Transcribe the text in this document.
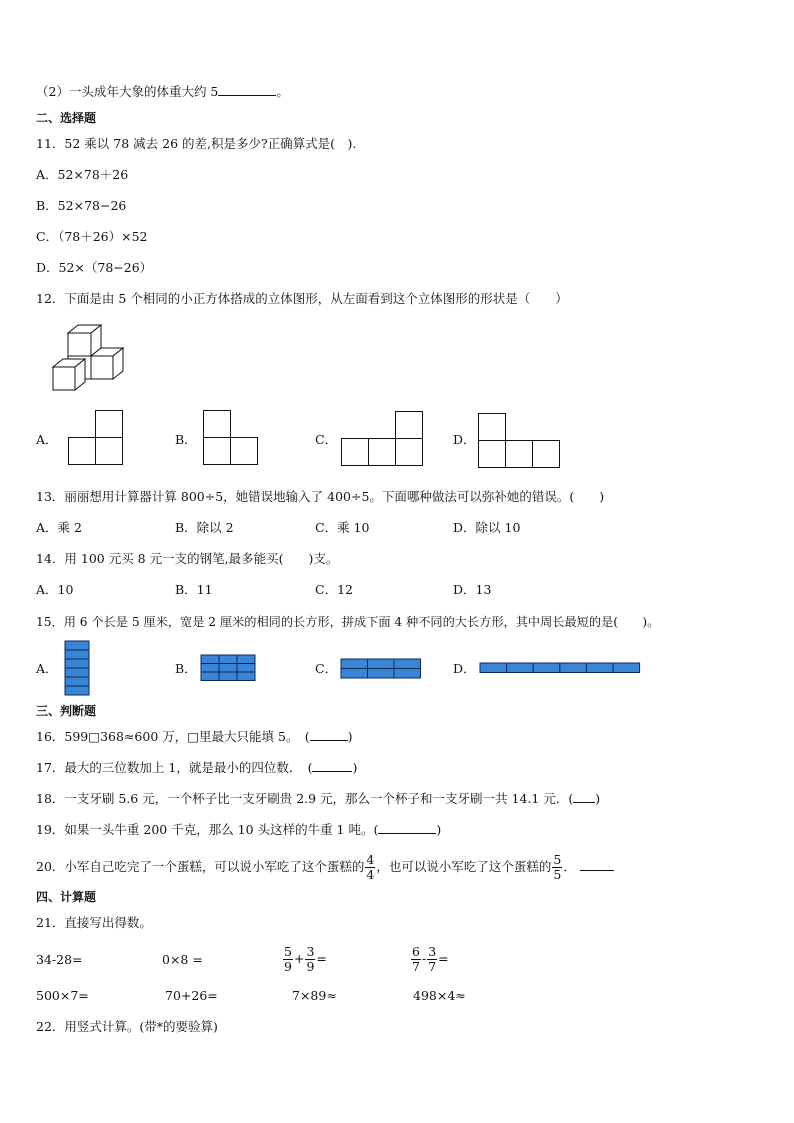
（2）一头成年大象的体重大约 5	。
二、选择题
11．52 乘以 78 减去 26 的差,积是多少?正确算式是(　).
A．52×78＋26
B．52×78−26
C．（78＋26）×52
D．52×（78−26）
12．下面是由 5 个相同的小正方体搭成的立体图形，从左面看到这个立体图形的形状是（　　）
A．	B．	C．	D．
13．丽丽想用计算器计算 800÷5，她错误地输入了 400÷5。下面哪种做法可以弥补她的错误。(　　)
A．乘 2	B．除以 2	C．乘 10	D．除以 10
14．用 100 元买 8 元一支的钢笔,最多能买(　　)支。
A．10	B．11	C．12	D．13
15．用 6 个长是 5 厘米，宽是 2 厘米的相同的长方形，拼成下面 4 种不同的大长方形，其中周长最短的是(　　)。
A．	B．	C．	D．
三、判断题
16．599□368≈600 万，□里最大只能填 5。　(	)
17．最大的三位数加上 1，就是最小的四位数．　(	)
18．一支牙刷 5.6 元，一个杯子比一支牙刷贵 2.9 元，那么一个杯子和一支牙刷一共 14.1 元．( )
19．如果一头牛重 200 千克，那么 10 头这样的牛重 1 吨。(	)
20．小军自己吃完了一个蛋糕，可以说小军吃了这个蛋糕的 $\frac{4}{4}$ ，也可以说小军吃了这个蛋糕的 $\frac{5}{5}$ ．
四、计算题
21．直接写出得数。
34-28=	0×8 =	$\frac{5}{9} + \frac{3}{9}$ =	$\frac{6}{7} - \frac{3}{7}$ =
500×7=	70+26=	7×89≈	498×4≈
22．用竖式计算。(带*的要验算)
